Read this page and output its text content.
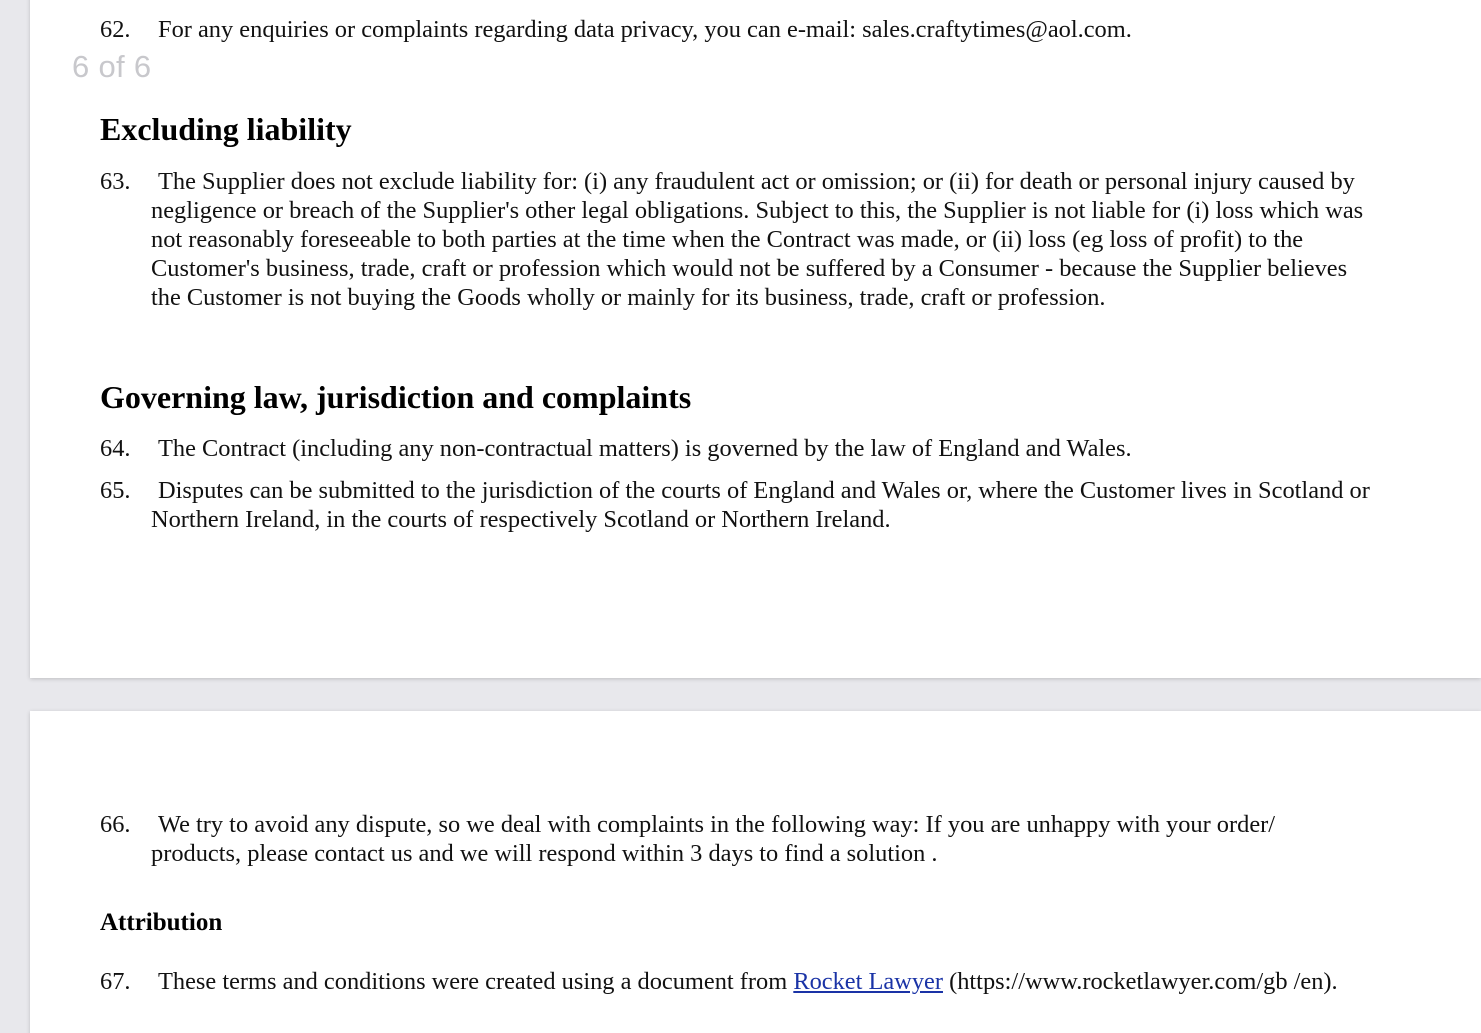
62.	For any enquiries or complaints regarding data privacy, you can e-mail: sales.craftytimes@aol.com.
6 of 6
Excluding liability
63.	The Supplier does not exclude liability for: (i) any fraudulent act or omission; or (ii) for death or personal injury caused by negligence or breach of the Supplier's other legal obligations. Subject to this, the Supplier is not liable for (i) loss which was not reasonably foreseeable to both parties at the time when the Contract was made, or (ii) loss (eg loss of profit) to the Customer's business, trade, craft or profession which would not be suffered by a Consumer - because the Supplier believes the Customer is not buying the Goods wholly or mainly for its business, trade, craft or profession.
Governing law, jurisdiction and complaints
64.	The Contract (including any non-contractual matters) is governed by the law of England and Wales.
65.	Disputes can be submitted to the jurisdiction of the courts of England and Wales or, where the Customer lives in Scotland or Northern Ireland, in the courts of respectively Scotland or Northern Ireland.
66.	We try to avoid any dispute, so we deal with complaints in the following way: If you are unhappy with your order/ products, please contact us and we will respond within 3 days to find a solution .
Attribution
67.	These terms and conditions were created using a document from Rocket Lawyer (https://www.rocketlawyer.com/gb /en).
